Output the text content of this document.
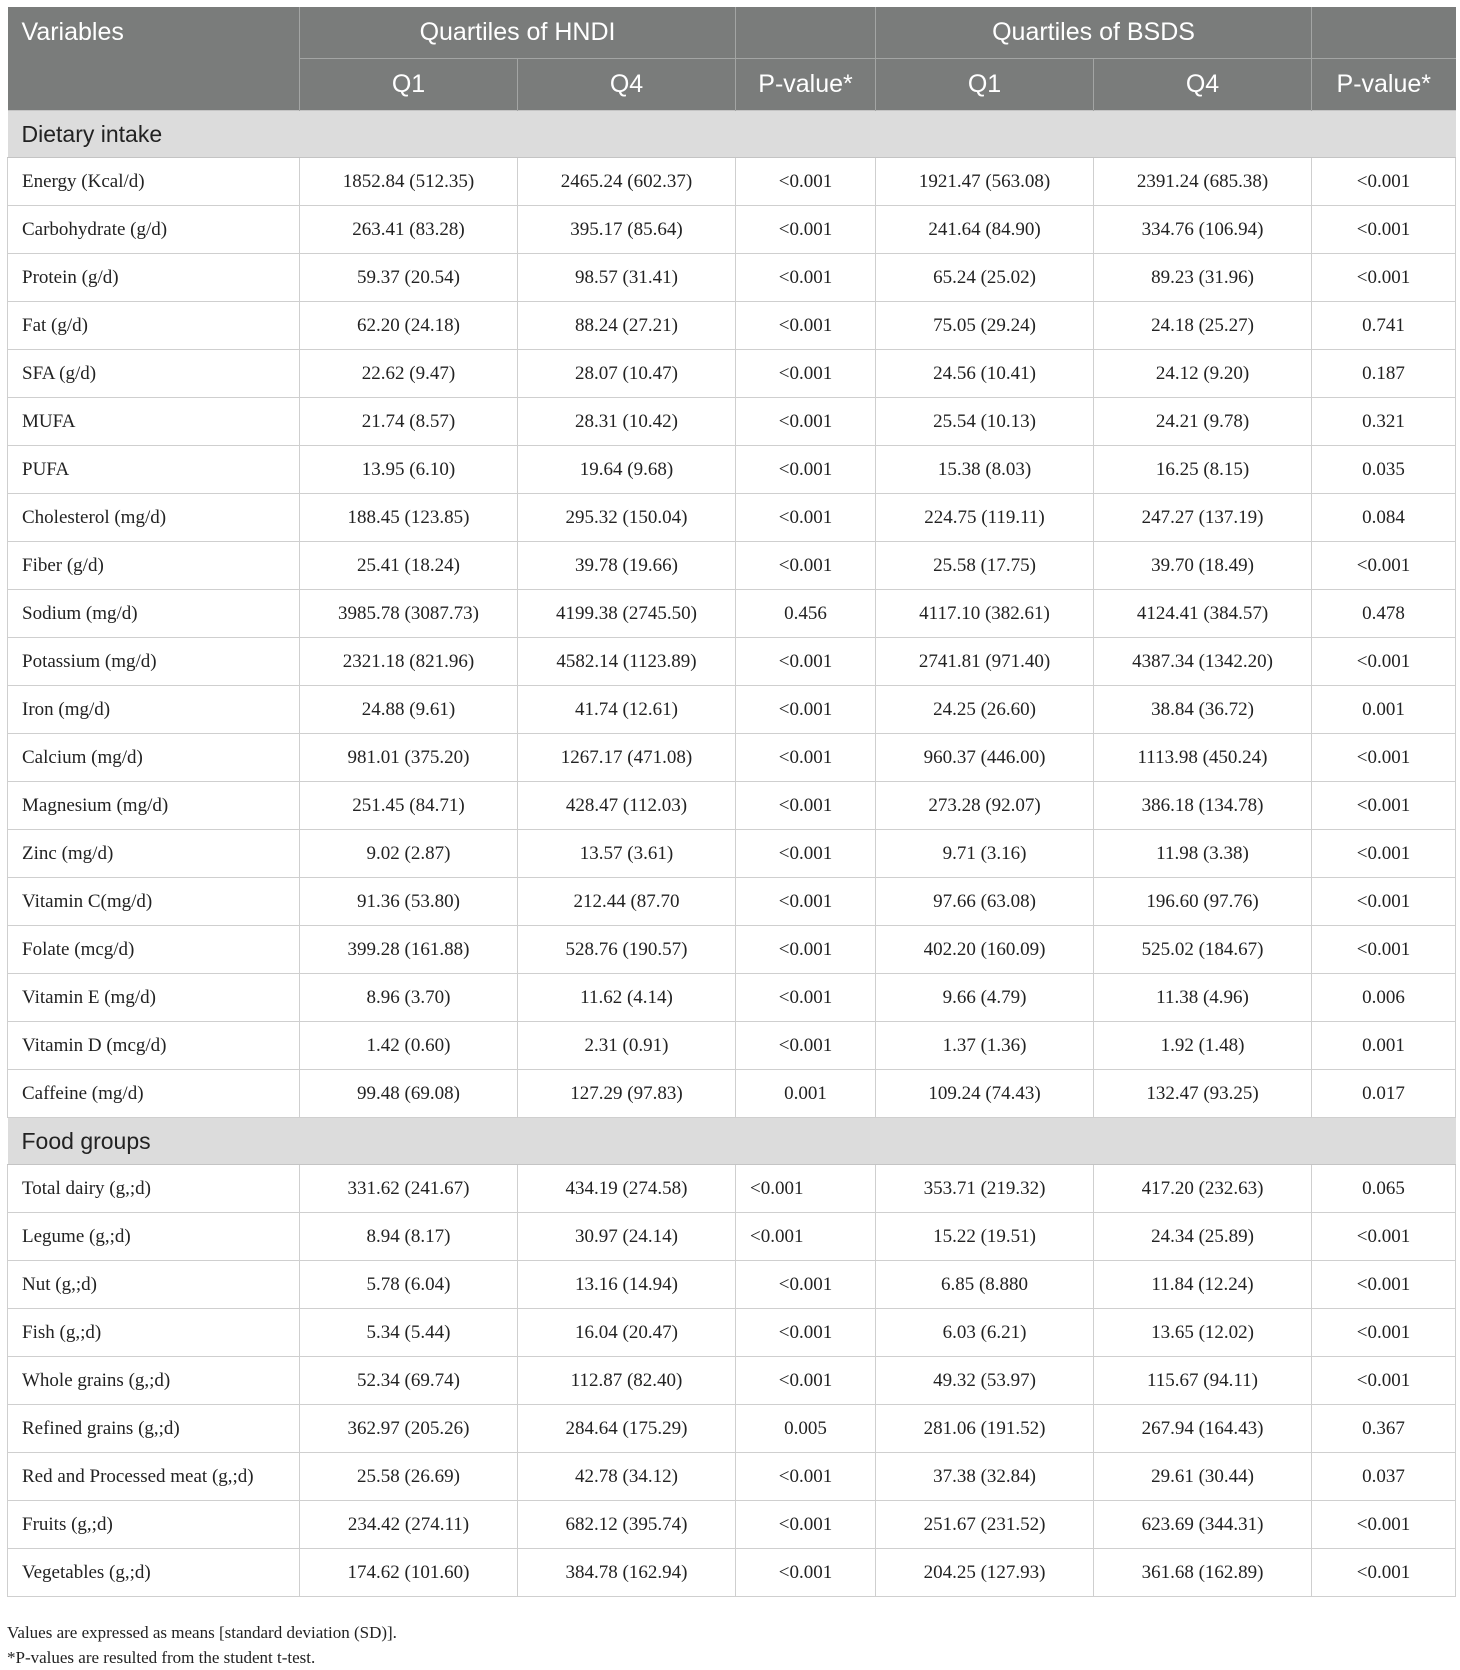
Variables	Quartiles of HNDI			Quartiles of BSDS		
	Q1	Q4	P-value*	Q1	Q4	P-value*
Dietary intake						
Energy (Kcal/d)	1852.84 (512.35)	2465.24 (602.37)	<0.001	1921.47 (563.08)	2391.24 (685.38)	<0.001
Carbohydrate (g/d)	263.41 (83.28)	395.17 (85.64)	<0.001	241.64 (84.90)	334.76 (106.94)	<0.001
Protein (g/d)	59.37 (20.54)	98.57 (31.41)	<0.001	65.24 (25.02)	89.23 (31.96)	<0.001
Fat (g/d)	62.20 (24.18)	88.24 (27.21)	<0.001	75.05 (29.24)	24.18 (25.27)	0.741
SFA (g/d)	22.62 (9.47)	28.07 (10.47)	<0.001	24.56 (10.41)	24.12 (9.20)	0.187
MUFA	21.74 (8.57)	28.31 (10.42)	<0.001	25.54 (10.13)	24.21 (9.78)	0.321
PUFA	13.95 (6.10)	19.64 (9.68)	<0.001	15.38 (8.03)	16.25 (8.15)	0.035
Cholesterol (mg/d)	188.45 (123.85)	295.32 (150.04)	<0.001	224.75 (119.11)	247.27 (137.19)	0.084
Fiber (g/d)	25.41 (18.24)	39.78 (19.66)	<0.001	25.58 (17.75)	39.70 (18.49)	<0.001
Sodium (mg/d)	3985.78 (3087.73)	4199.38 (2745.50)	0.456	4117.10 (382.61)	4124.41 (384.57)	0.478
Potassium (mg/d)	2321.18 (821.96)	4582.14 (1123.89)	<0.001	2741.81 (971.40)	4387.34 (1342.20)	<0.001
Iron (mg/d)	24.88 (9.61)	41.74 (12.61)	<0.001	24.25 (26.60)	38.84 (36.72)	0.001
Calcium (mg/d)	981.01 (375.20)	1267.17 (471.08)	<0.001	960.37 (446.00)	1113.98 (450.24)	<0.001
Magnesium (mg/d)	251.45 (84.71)	428.47 (112.03)	<0.001	273.28 (92.07)	386.18 (134.78)	<0.001
Zinc (mg/d)	9.02 (2.87)	13.57 (3.61)	<0.001	9.71 (3.16)	11.98 (3.38)	<0.001
Vitamin C(mg/d)	91.36 (53.80)	212.44 (87.70	<0.001	97.66 (63.08)	196.60 (97.76)	<0.001
Folate (mcg/d)	399.28 (161.88)	528.76 (190.57)	<0.001	402.20 (160.09)	525.02 (184.67)	<0.001
Vitamin E (mg/d)	8.96 (3.70)	11.62 (4.14)	<0.001	9.66 (4.79)	11.38 (4.96)	0.006
Vitamin D (mcg/d)	1.42 (0.60)	2.31 (0.91)	<0.001	1.37 (1.36)	1.92 (1.48)	0.001
Caffeine (mg/d)	99.48 (69.08)	127.29 (97.83)	0.001	109.24 (74.43)	132.47 (93.25)	0.017
Food groups						
Total dairy (g,;d)	331.62 (241.67)	434.19 (274.58)	<0.001	353.71 (219.32)	417.20 (232.63)	0.065
Legume (g,;d)	8.94 (8.17)	30.97 (24.14)	<0.001	15.22 (19.51)	24.34 (25.89)	<0.001
Nut (g,;d)	5.78 (6.04)	13.16 (14.94)	<0.001	6.85 (8.880	11.84 (12.24)	<0.001
Fish (g,;d)	5.34 (5.44)	16.04 (20.47)	<0.001	6.03 (6.21)	13.65 (12.02)	<0.001
Whole grains (g,;d)	52.34 (69.74)	112.87 (82.40)	<0.001	49.32 (53.97)	115.67 (94.11)	<0.001
Refined grains (g,;d)	362.97 (205.26)	284.64 (175.29)	0.005	281.06 (191.52)	267.94 (164.43)	0.367
Red and Processed meat (g,;d)	25.58 (26.69)	42.78 (34.12)	<0.001	37.38 (32.84)	29.61 (30.44)	0.037
Fruits (g,;d)	234.42 (274.11)	682.12 (395.74)	<0.001	251.67 (231.52)	623.69 (344.31)	<0.001
Vegetables (g,;d)	174.62 (101.60)	384.78 (162.94)	<0.001	204.25 (127.93)	361.68 (162.89)	<0.001
Values are expressed as means [standard deviation (SD)].
*P-values are resulted from the student t-test.
